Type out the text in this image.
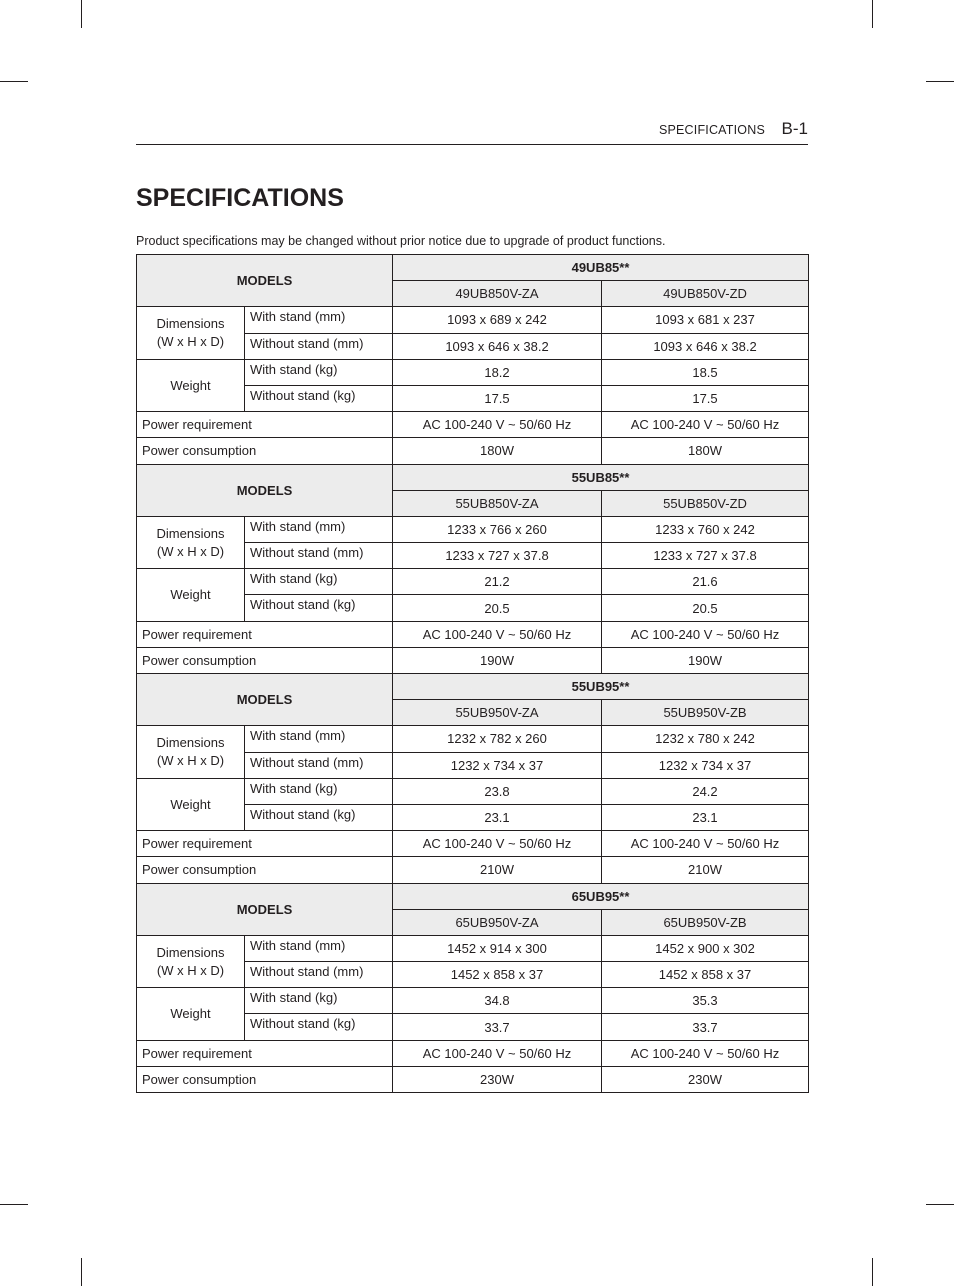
SPECIFICATIONS B-1
SPECIFICATIONS
Product specifications may be changed without prior notice due to upgrade of product functions.
MODELS		49UB85**	
		49UB850V-ZA	49UB850V-ZD
Dimensions
(W x H x D)	With stand (mm)	1093 x 689 x 242	1093 x 681 x 237
	Without stand (mm)	1093 x 646 x 38.2	1093 x 646 x 38.2
Weight	With stand (kg)	18.2	18.5
	Without stand (kg)	17.5	17.5
Power requirement		AC 100-240 V ~ 50/60 Hz	AC 100-240 V ~ 50/60 Hz
Power consumption		180W	180W
MODELS		55UB85**	
		55UB850V-ZA	55UB850V-ZD
Dimensions
(W x H x D)	With stand (mm)	1233 x 766 x 260	1233 x 760 x 242
	Without stand (mm)	1233 x 727 x 37.8	1233 x 727 x 37.8
Weight	With stand (kg)	21.2	21.6
	Without stand (kg)	20.5	20.5
Power requirement		AC 100-240 V ~ 50/60 Hz	AC 100-240 V ~ 50/60 Hz
Power consumption		190W	190W
MODELS		55UB95**	
		55UB950V-ZA	55UB950V-ZB
Dimensions
(W x H x D)	With stand (mm)	1232 x 782 x 260	1232 x 780 x 242
	Without stand (mm)	1232 x 734 x 37	1232 x 734 x 37
Weight	With stand (kg)	23.8	24.2
	Without stand (kg)	23.1	23.1
Power requirement		AC 100-240 V ~ 50/60 Hz	AC 100-240 V ~ 50/60 Hz
Power consumption		210W	210W
MODELS		65UB95**	
		65UB950V-ZA	65UB950V-ZB
Dimensions
(W x H x D)	With stand (mm)	1452 x 914 x 300	1452 x 900 x 302
	Without stand (mm)	1452 x 858 x 37	1452 x 858 x 37
Weight	With stand (kg)	34.8	35.3
	Without stand (kg)	33.7	33.7
Power requirement		AC 100-240 V ~ 50/60 Hz	AC 100-240 V ~ 50/60 Hz
Power consumption		230W	230W
